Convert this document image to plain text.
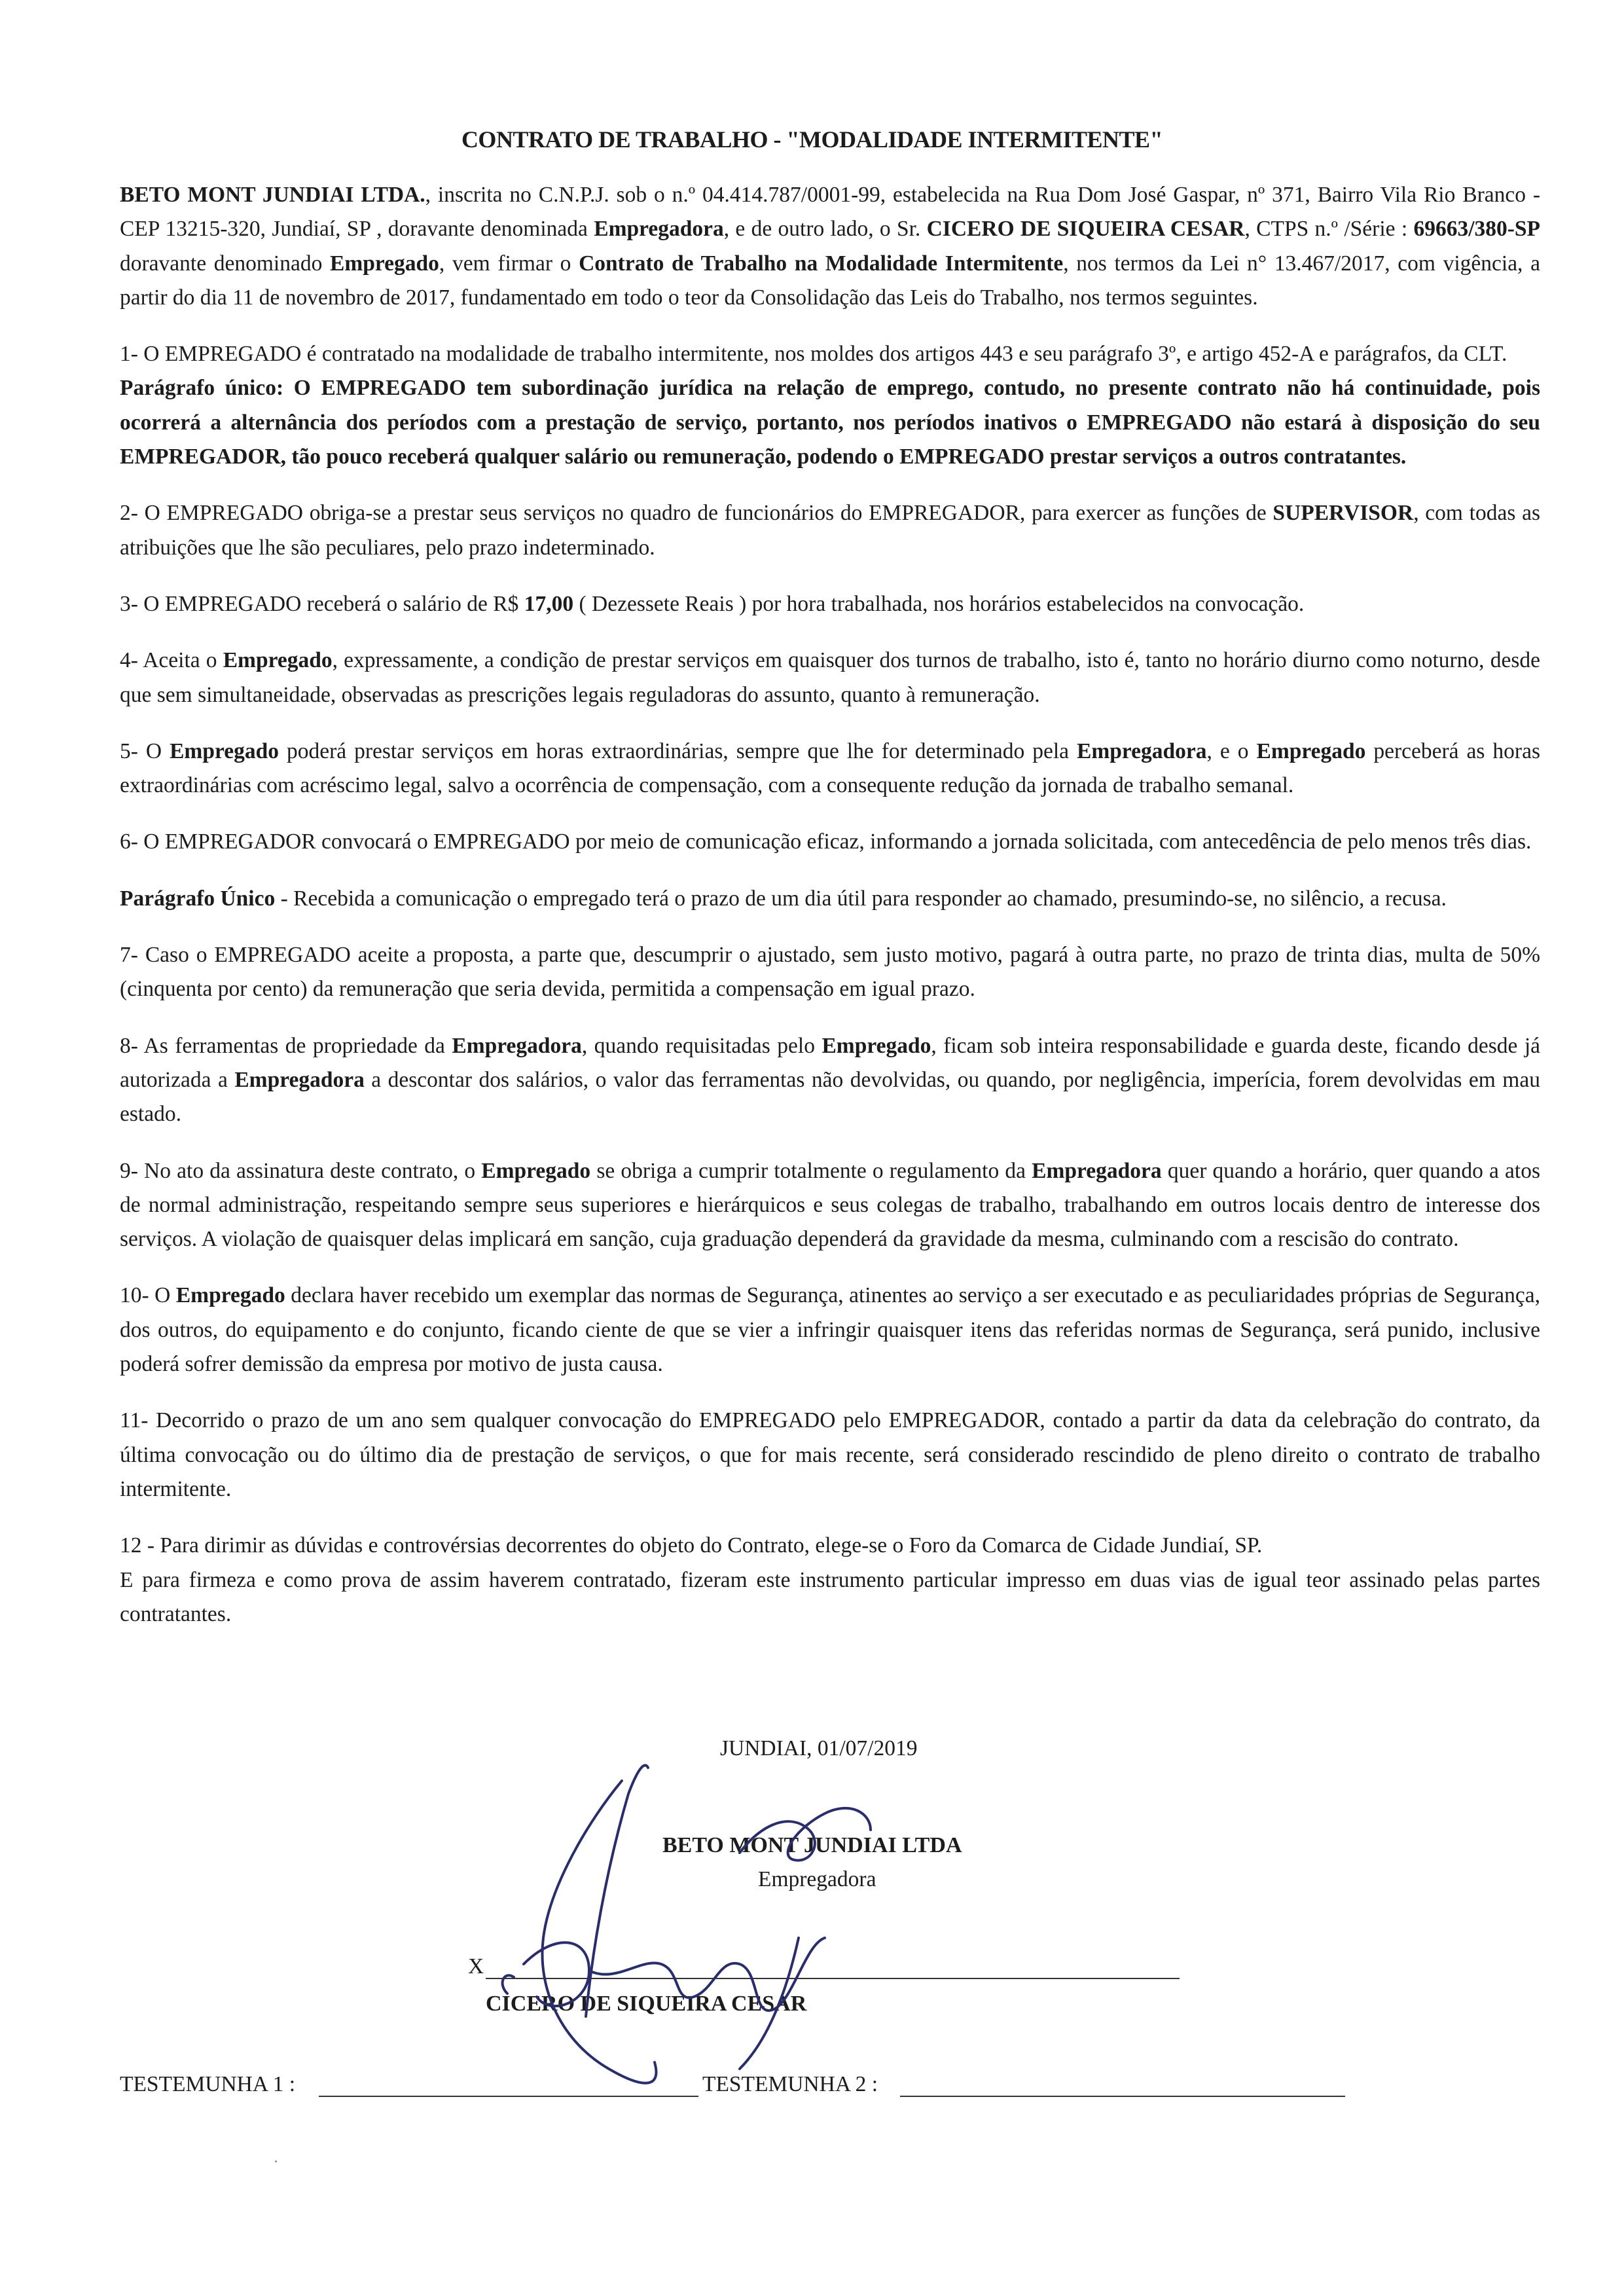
CONTRATO DE TRABALHO - "MODALIDADE INTERMITENTE"

BETO MONT JUNDIAI LTDA., inscrita no C.N.P.J. sob o n.º 04.414.787/0001-99, estabelecida na Rua Dom José Gaspar, nº 371, Bairro Vila Rio Branco - CEP 13215-320, Jundiaí, SP , doravante denominada Empregadora, e de outro lado, o Sr. CICERO DE SIQUEIRA CESAR, CTPS n.º /Série : 69663/380-SP doravante denominado Empregado, vem firmar o Contrato de Trabalho na Modalidade Intermitente, nos termos da Lei n° 13.467/2017, com vigência, a partir do dia 11 de novembro de 2017, fundamentado em todo o teor da Consolidação das Leis do Trabalho, nos termos seguintes.

1- O EMPREGADO é contratado na modalidade de trabalho intermitente, nos moldes dos artigos 443 e seu parágrafo 3º, e artigo 452-A e parágrafos, da CLT.

Parágrafo único: O EMPREGADO tem subordinação jurídica na relação de emprego, contudo, no presente contrato não há continuidade, pois ocorrerá a alternância dos períodos com a prestação de serviço, portanto, nos períodos inativos o EMPREGADO não estará à disposição do seu EMPREGADOR, tão pouco receberá qualquer salário ou remuneração, podendo o EMPREGADO prestar serviços a outros contratantes.

2- O EMPREGADO obriga-se a prestar seus serviços no quadro de funcionários do EMPREGADOR, para exercer as funções de SUPERVISOR, com todas as atribuições que lhe são peculiares, pelo prazo indeterminado.

3- O EMPREGADO receberá o salário de R$ 17,00 ( Dezessete Reais ) por hora trabalhada, nos horários estabelecidos na convocação.

4- Aceita o Empregado, expressamente, a condição de prestar serviços em quaisquer dos turnos de trabalho, isto é, tanto no horário diurno como noturno, desde que sem simultaneidade, observadas as prescrições legais reguladoras do assunto, quanto à remuneração.

5- O Empregado poderá prestar serviços em horas extraordinárias, sempre que lhe for determinado pela Empregadora, e o Empregado perceberá as horas extraordinárias com acréscimo legal, salvo a ocorrência de compensação, com a consequente redução da jornada de trabalho semanal.

6- O EMPREGADOR convocará o EMPREGADO por meio de comunicação eficaz, informando a jornada solicitada, com antecedência de pelo menos três dias.

Parágrafo Único - Recebida a comunicação o empregado terá o prazo de um dia útil para responder ao chamado, presumindo-se, no silêncio, a recusa.

7- Caso o EMPREGADO aceite a proposta, a parte que, descumprir o ajustado, sem justo motivo, pagará à outra parte, no prazo de trinta dias, multa de 50% (cinquenta por cento) da remuneração que seria devida, permitida a compensação em igual prazo.

8- As ferramentas de propriedade da Empregadora, quando requisitadas pelo Empregado, ficam sob inteira responsabilidade e guarda deste, ficando desde já autorizada a Empregadora a descontar dos salários, o valor das ferramentas não devolvidas, ou quando, por negligência, imperícia, forem devolvidas em mau estado.

9- No ato da assinatura deste contrato, o Empregado se obriga a cumprir totalmente o regulamento da Empregadora quer quando a horário, quer quando a atos de normal administração, respeitando sempre seus superiores e hierárquicos e seus colegas de trabalho, trabalhando em outros locais dentro de interesse dos serviços. A violação de quaisquer delas implicará em sanção, cuja graduação dependerá da gravidade da mesma, culminando com a rescisão do contrato.

10- O Empregado declara haver recebido um exemplar das normas de Segurança, atinentes ao serviço a ser executado e as peculiaridades próprias de Segurança, dos outros, do equipamento e do conjunto, ficando ciente de que se vier a infringir quaisquer itens das referidas normas de Segurança, será punido, inclusive poderá sofrer demissão da empresa por motivo de justa causa.

11- Decorrido o prazo de um ano sem qualquer convocação do EMPREGADO pelo EMPREGADOR, contado a partir da data da celebração do contrato, da última convocação ou do último dia de prestação de serviços, o que for mais recente, será considerado rescindido de pleno direito o contrato de trabalho intermitente.

12 - Para dirimir as dúvidas e controvérsias decorrentes do objeto do Contrato, elege-se o Foro da Comarca de Cidade Jundiaí, SP.

E para firmeza e como prova de assim haverem contratado, fizeram este instrumento particular impresso em duas vias de igual teor assinado pelas partes contratantes.

JUNDIAI, 01/07/2019
BETO MONT JUNDIAI LTDA
Empregadora
X
CICERO DE SIQUEIRA CESAR
TESTEMUNHA 1 :	TESTEMUNHA 2 :
